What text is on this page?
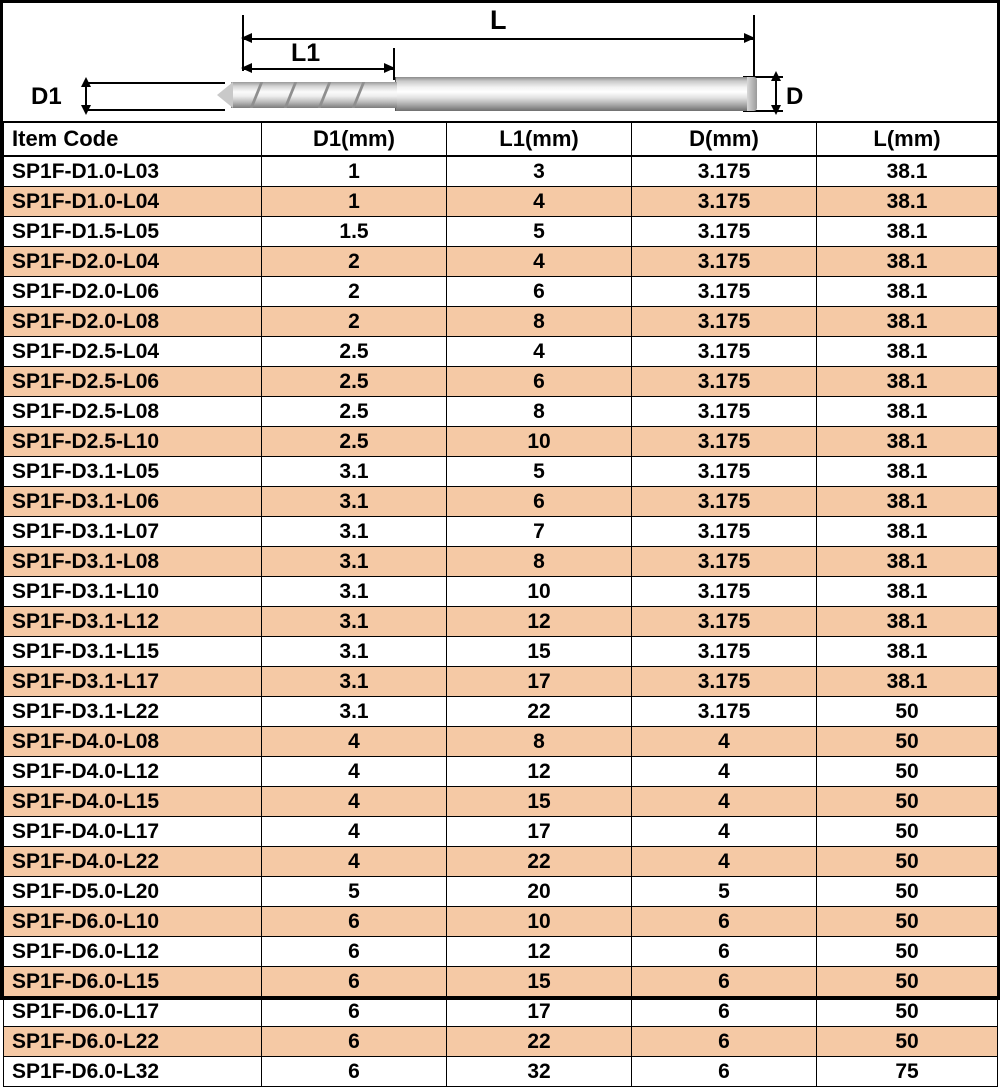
L
L1
D1	D
Item Code	D1(mm)	L1(mm)	D(mm)	L(mm)
SP1F-D1.0-L03	1	3	3.175	38.1
SP1F-D1.0-L04	1	4	3.175	38.1
SP1F-D1.5-L05	1.5	5	3.175	38.1
SP1F-D2.0-L04	2	4	3.175	38.1
SP1F-D2.0-L06	2	6	3.175	38.1
SP1F-D2.0-L08	2	8	3.175	38.1
SP1F-D2.5-L04	2.5	4	3.175	38.1
SP1F-D2.5-L06	2.5	6	3.175	38.1
SP1F-D2.5-L08	2.5	8	3.175	38.1
SP1F-D2.5-L10	2.5	10	3.175	38.1
SP1F-D3.1-L05	3.1	5	3.175	38.1
SP1F-D3.1-L06	3.1	6	3.175	38.1
SP1F-D3.1-L07	3.1	7	3.175	38.1
SP1F-D3.1-L08	3.1	8	3.175	38.1
SP1F-D3.1-L10	3.1	10	3.175	38.1
SP1F-D3.1-L12	3.1	12	3.175	38.1
SP1F-D3.1-L15	3.1	15	3.175	38.1
SP1F-D3.1-L17	3.1	17	3.175	38.1
SP1F-D3.1-L22	3.1	22	3.175	50
SP1F-D4.0-L08	4	8	4	50
SP1F-D4.0-L12	4	12	4	50
SP1F-D4.0-L15	4	15	4	50
SP1F-D4.0-L17	4	17	4	50
SP1F-D4.0-L22	4	22	4	50
SP1F-D5.0-L20	5	20	5	50
SP1F-D6.0-L10	6	10	6	50
SP1F-D6.0-L12	6	12	6	50
SP1F-D6.0-L15	6	15	6	50
SP1F-D6.0-L17	6	17	6	50
SP1F-D6.0-L22	6	22	6	50
SP1F-D6.0-L32	6	32	6	75
